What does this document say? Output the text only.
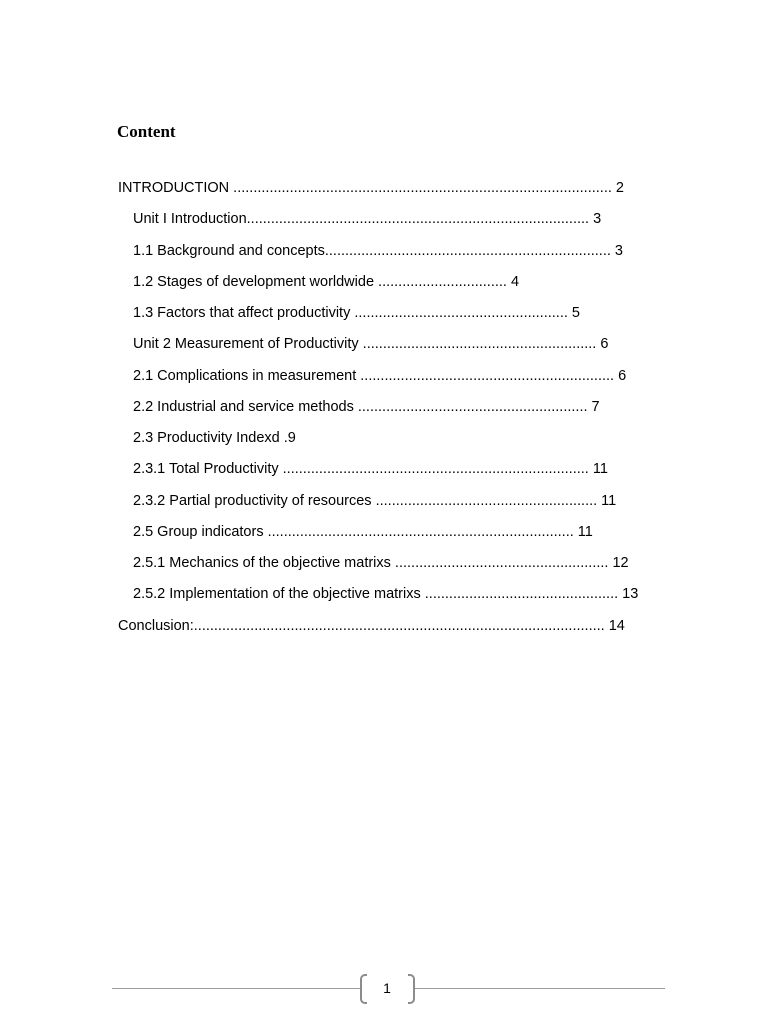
Content
INTRODUCTION .............................................................................................. 2
Unit I Introduction..................................................................................... 3
1.1 Background and concepts....................................................................... 3
1.2 Stages of development worldwide ................................ 4
1.3 Factors that affect productivity ..................................................... 5
Unit 2 Measurement of Productivity .......................................................... 6
2.1 Complications in measurement ............................................................... 6
2.2 Industrial and service methods ......................................................... 7
2.3 Productivity Indexd .9
2.3.1 Total Productivity ............................................................................ 11
2.3.2 Partial productivity of resources ....................................................... 11
2.5 Group indicators ............................................................................ 11
2.5.1 Mechanics of the objective matrixs ..................................................... 12
2.5.2 Implementation of the objective matrixs ................................................ 13
Conclusion:...................................................................................................... 14
1
